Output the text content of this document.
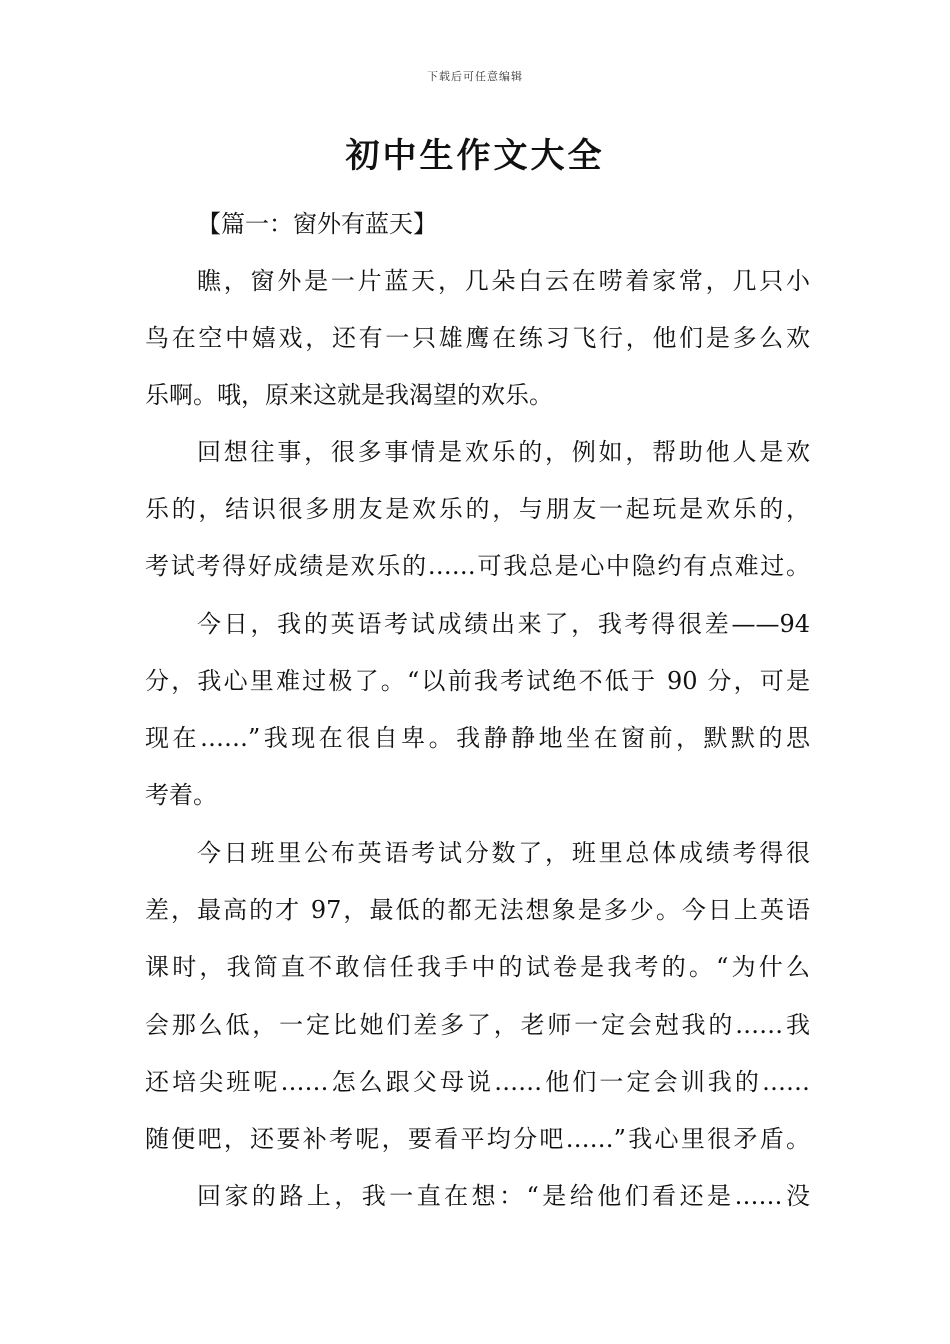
下载后可任意编辑
初中生作文大全
【篇一：窗外有蓝天】
瞧，窗外是一片蓝天，几朵白云在唠着家常，几只小
鸟在空中嬉戏，还有一只雄鹰在练习飞行，他们是多么欢
乐啊。哦，原来这就是我渴望的欢乐。
回想往事，很多事情是欢乐的，例如，帮助他人是欢
乐的，结识很多朋友是欢乐的，与朋友一起玩是欢乐的，
考试考得好成绩是欢乐的……可我总是心中隐约有点难过。
今日，我的英语考试成绩出来了，我考得很差——94
分，我心里难过极了。“以前我考试绝不低于 90 分，可是
现在……”我现在很自卑。我静静地坐在窗前，默默的思
考着。
今日班里公布英语考试分数了，班里总体成绩考得很
差，最高的才 97，最低的都无法想象是多少。今日上英语
课时，我简直不敢信任我手中的试卷是我考的。“为什么
会那么低，一定比她们差多了，老师一定会尅我的……我
还培尖班呢……怎么跟父母说……他们一定会训我的……
随便吧，还要补考呢，要看平均分吧……”我心里很矛盾。
回家的路上，我一直在想：“是给他们看还是……没
